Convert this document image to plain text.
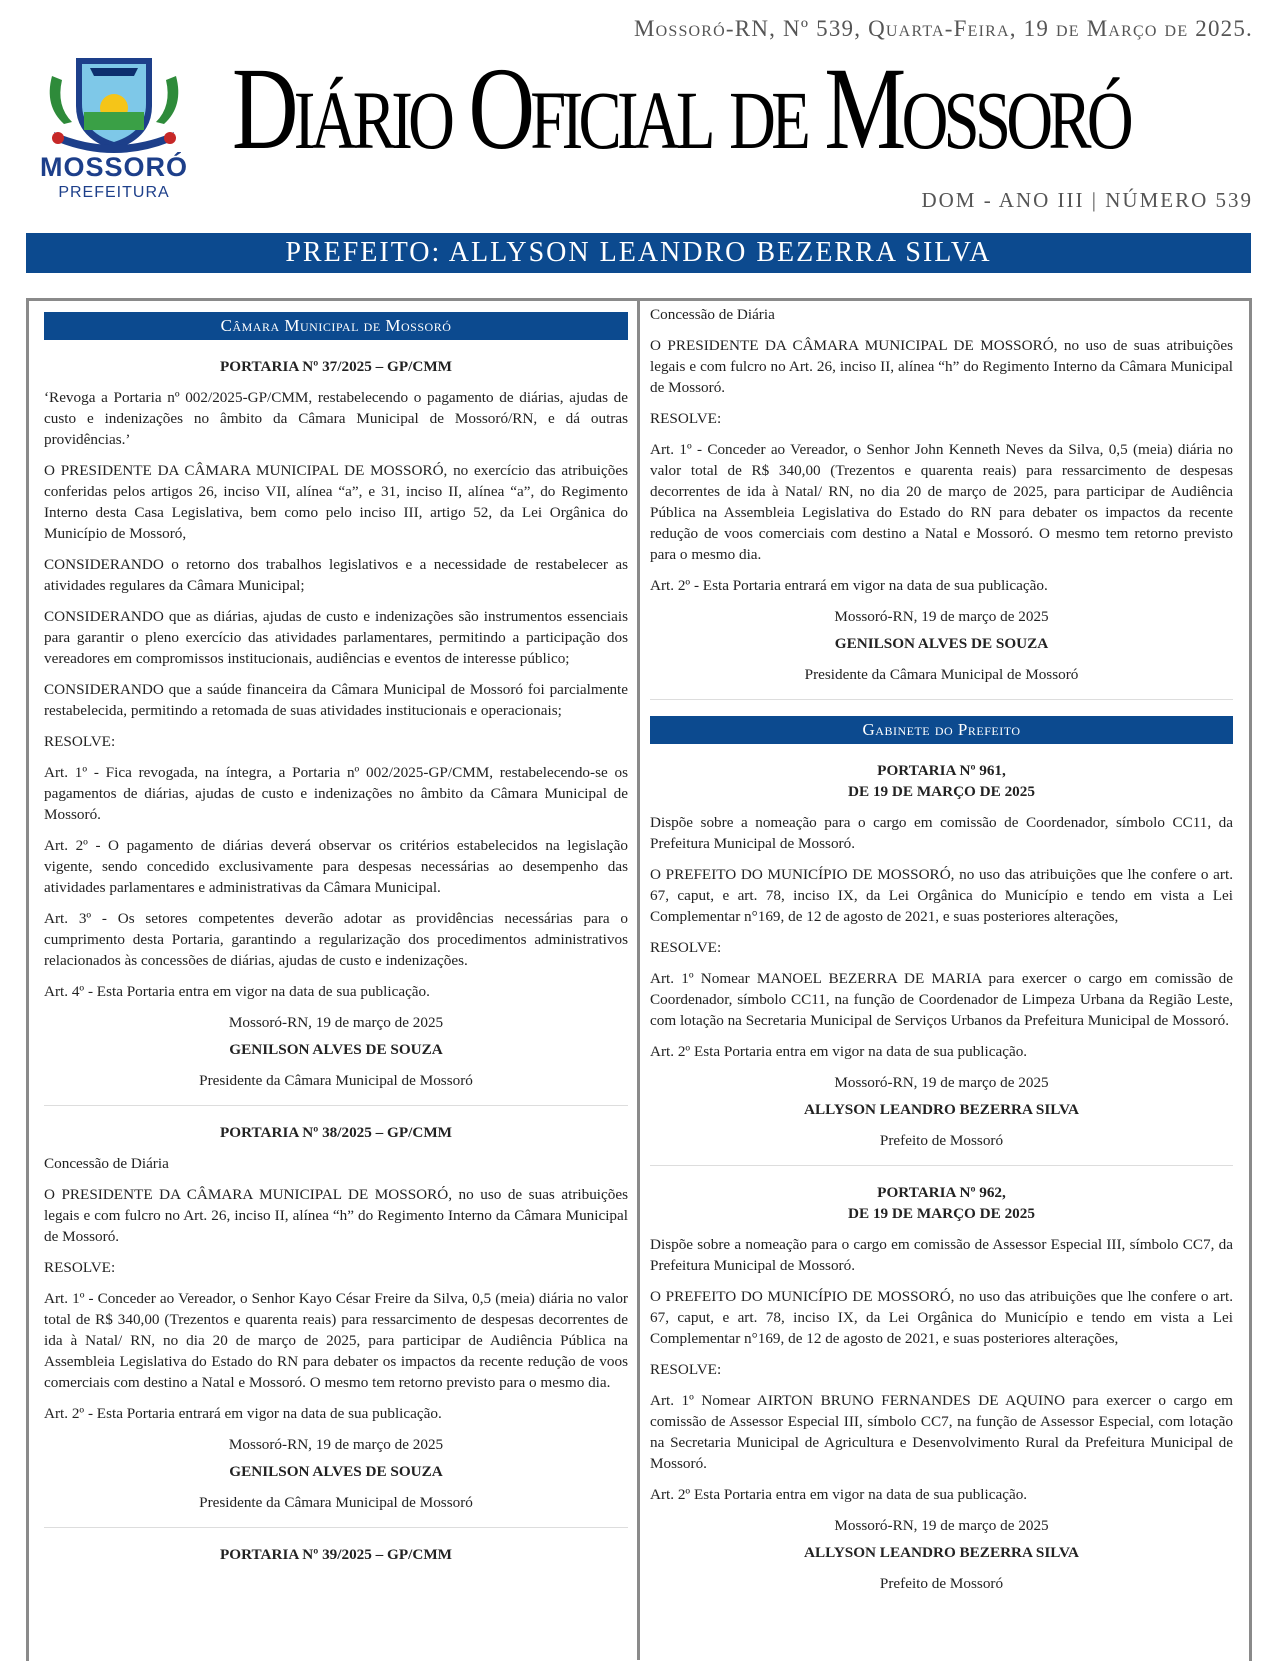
MOSSORÓ
PREFEITURA
Mossoró-RN, Nº 539, Quarta-Feira, 19 de Março de 2025.
Diário Oficial de Mossoró
DOM - ANO III | NÚMERO 539
PREFEITO: ALLYSON LEANDRO BEZERRA SILVA
Câmara Municipal de Mossoró

PORTARIA Nº 37/2025 – GP/CMM

‘Revoga a Portaria nº 002/2025-GP/CMM, restabelecendo o pagamento de diárias, ajudas de custo e indenizações no âmbito da Câmara Municipal de Mossoró/RN, e dá outras providências.’

O PRESIDENTE DA CÂMARA MUNICIPAL DE MOSSORÓ, no exercício das atribuições conferidas pelos artigos 26, inciso VII, alínea “a”, e 31, inciso II, alínea “a”, do Regimento Interno desta Casa Legislativa, bem como pelo inciso III, artigo 52, da Lei Orgânica do Município de Mossoró,

CONSIDERANDO o retorno dos trabalhos legislativos e a necessidade de restabelecer as atividades regulares da Câmara Municipal;

CONSIDERANDO que as diárias, ajudas de custo e indenizações são instrumentos essenciais para garantir o pleno exercício das atividades parlamentares, permitindo a participação dos vereadores em compromissos institucionais, audiências e eventos de interesse público;

CONSIDERANDO que a saúde financeira da Câmara Municipal de Mossoró foi parcialmente restabelecida, permitindo a retomada de suas atividades institucionais e operacionais;

RESOLVE:

Art. 1º - Fica revogada, na íntegra, a Portaria nº 002/2025-GP/CMM, restabelecendo-se os pagamentos de diárias, ajudas de custo e indenizações no âmbito da Câmara Municipal de Mossoró.

Art. 2º - O pagamento de diárias deverá observar os critérios estabelecidos na legislação vigente, sendo concedido exclusivamente para despesas necessárias ao desempenho das atividades parlamentares e administrativas da Câmara Municipal.

Art. 3º - Os setores competentes deverão adotar as providências necessárias para o cumprimento desta Portaria, garantindo a regularização dos procedimentos administrativos relacionados às concessões de diárias, ajudas de custo e indenizações.

Art. 4º - Esta Portaria entra em vigor na data de sua publicação.

Mossoró-RN, 19 de março de 2025

GENILSON ALVES DE SOUZA

Presidente da Câmara Municipal de Mossoró

PORTARIA Nº 38/2025 – GP/CMM

Concessão de Diária

O PRESIDENTE DA CÂMARA MUNICIPAL DE MOSSORÓ, no uso de suas atribuições legais e com fulcro no Art. 26, inciso II, alínea “h” do Regimento Interno da Câmara Municipal de Mossoró.

RESOLVE:

Art. 1º - Conceder ao Vereador, o Senhor Kayo César Freire da Silva, 0,5 (meia) diária no valor total de R$ 340,00 (Trezentos e quarenta reais) para ressarcimento de despesas decorrentes de ida à Natal/ RN, no dia 20 de março de 2025, para participar de Audiência Pública na Assembleia Legislativa do Estado do RN para debater os impactos da recente redução de voos comerciais com destino a Natal e Mossoró. O mesmo tem retorno previsto para o mesmo dia.

Art. 2º - Esta Portaria entrará em vigor na data de sua publicação.

Mossoró-RN, 19 de março de 2025

GENILSON ALVES DE SOUZA

Presidente da Câmara Municipal de Mossoró

PORTARIA Nº 39/2025 – GP/CMM

Concessão de Diária

O PRESIDENTE DA CÂMARA MUNICIPAL DE MOSSORÓ, no uso de suas atribuições legais e com fulcro no Art. 26, inciso II, alínea “h” do Regimento Interno da Câmara Municipal de Mossoró.

RESOLVE:

Art. 1º - Conceder ao Vereador, o Senhor John Kenneth Neves da Silva, 0,5 (meia) diária no valor total de R$ 340,00 (Trezentos e quarenta reais) para ressarcimento de despesas decorrentes de ida à Natal/ RN, no dia 20 de março de 2025, para participar de Audiência Pública na Assembleia Legislativa do Estado do RN para debater os impactos da recente redução de voos comerciais com destino a Natal e Mossoró. O mesmo tem retorno previsto para o mesmo dia.

Art. 2º - Esta Portaria entrará em vigor na data de sua publicação.

Mossoró-RN, 19 de março de 2025

GENILSON ALVES DE SOUZA

Presidente da Câmara Municipal de Mossoró

Gabinete do Prefeito

PORTARIA Nº 961,

DE 19 DE MARÇO DE 2025

Dispõe sobre a nomeação para o cargo em comissão de Coordenador, símbolo CC11, da Prefeitura Municipal de Mossoró.

O PREFEITO DO MUNICÍPIO DE MOSSORÓ, no uso das atribuições que lhe confere o art. 67, caput, e art. 78, inciso IX, da Lei Orgânica do Município e tendo em vista a Lei Complementar n°169, de 12 de agosto de 2021, e suas posteriores alterações,

RESOLVE:

Art. 1º Nomear MANOEL BEZERRA DE MARIA para exercer o cargo em comissão de Coordenador, símbolo CC11, na função de Coordenador de Limpeza Urbana da Região Leste, com lotação na Secretaria Municipal de Serviços Urbanos da Prefeitura Municipal de Mossoró.

Art. 2º Esta Portaria entra em vigor na data de sua publicação.

Mossoró-RN, 19 de março de 2025

ALLYSON LEANDRO BEZERRA SILVA

Prefeito de Mossoró

PORTARIA Nº 962,

DE 19 DE MARÇO DE 2025

Dispõe sobre a nomeação para o cargo em comissão de Assessor Especial III, símbolo CC7, da Prefeitura Municipal de Mossoró.

O PREFEITO DO MUNICÍPIO DE MOSSORÓ, no uso das atribuições que lhe confere o art. 67, caput, e art. 78, inciso IX, da Lei Orgânica do Município e tendo em vista a Lei Complementar n°169, de 12 de agosto de 2021, e suas posteriores alterações,

RESOLVE:

Art. 1º Nomear AIRTON BRUNO FERNANDES DE AQUINO para exercer o cargo em comissão de Assessor Especial III, símbolo CC7, na função de Assessor Especial, com lotação na Secretaria Municipal de Agricultura e Desenvolvimento Rural da Prefeitura Municipal de Mossoró.

Art. 2º Esta Portaria entra em vigor na data de sua publicação.

Mossoró-RN, 19 de março de 2025

ALLYSON LEANDRO BEZERRA SILVA

Prefeito de Mossoró
